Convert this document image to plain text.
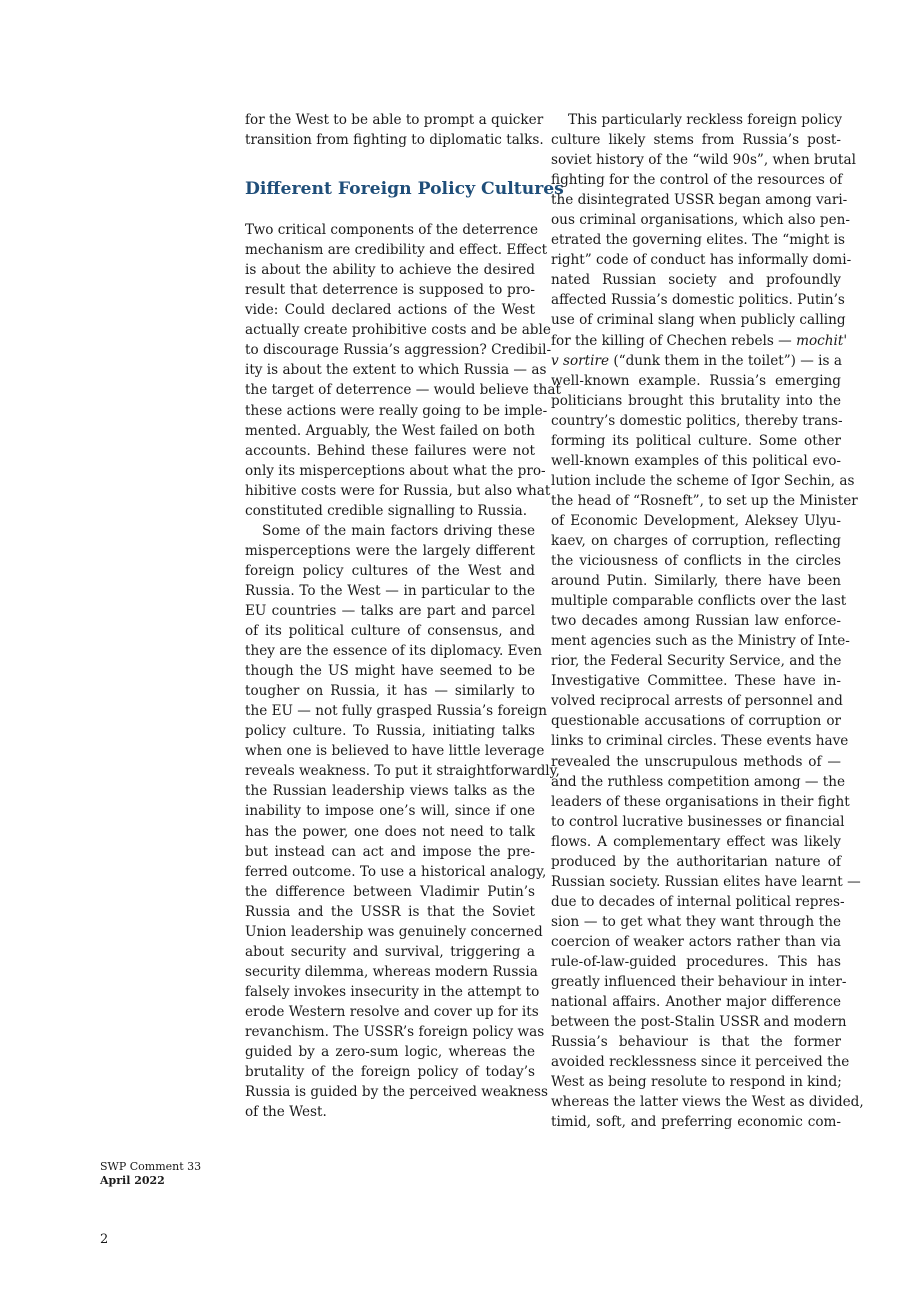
for the West to be able to prompt a quicker
transition from fighting to diplomatic talks.
Different Foreign Policy Cultures
Two critical components of the deterrence
mechanism are credibility and effect. Effect
is about the ability to achieve the desired
result that deterrence is supposed to pro-
vide: Could declared actions of the West
actually create prohibitive costs and be able
to discourage Russia’s aggression? Credibil-
ity is about the extent to which Russia — as
the target of deterrence — would believe that
these actions were really going to be imple-
mented. Arguably, the West failed on both
accounts. Behind these failures were not
only its misperceptions about what the pro-
hibitive costs were for Russia, but also what
constituted credible signalling to Russia.
Some of the main factors driving these
misperceptions were the largely different
foreign policy cultures of the West and
Russia. To the West — in particular to the
EU countries — talks are part and parcel
of its political culture of consensus, and
they are the essence of its diplomacy. Even
though the US might have seemed to be
tougher on Russia, it has — similarly to
the EU — not fully grasped Russia’s foreign
policy culture. To Russia, initiating talks
when one is believed to have little leverage
reveals weakness. To put it straightforwardly,
the Russian leadership views talks as the
inability to impose one’s will, since if one
has the power, one does not need to talk
but instead can act and impose the pre-
ferred outcome. To use a historical analogy,
the difference between Vladimir Putin’s
Russia and the USSR is that the Soviet
Union leadership was genuinely concerned
about security and survival, triggering a
security dilemma, whereas modern Russia
falsely invokes insecurity in the attempt to
erode Western resolve and cover up for its
revanchism. The USSR’s foreign policy was
guided by a zero-sum logic, whereas the
brutality of the foreign policy of today’s
Russia is guided by the perceived weakness
of the West.
This particularly reckless foreign policy
culture likely stems from Russia’s post-
soviet history of the “wild 90s”, when brutal
fighting for the control of the resources of
the disintegrated USSR began among vari-
ous criminal organisations, which also pen-
etrated the governing elites. The “might is
right” code of conduct has informally domi-
nated Russian society and profoundly
affected Russia’s domestic politics. Putin’s
use of criminal slang when publicly calling
for the killing of Chechen rebels — mochit'
v sortire (“dunk them in the toilet”) — is a
well-known example. Russia’s emerging
politicians brought this brutality into the
country’s domestic politics, thereby trans-
forming its political culture. Some other
well-known examples of this political evo-
lution include the scheme of Igor Sechin, as
the head of “Rosneft”, to set up the Minister
of Economic Development, Aleksey Ulyu-
kaev, on charges of corruption, reflecting
the viciousness of conflicts in the circles
around Putin. Similarly, there have been
multiple comparable conflicts over the last
two decades among Russian law enforce-
ment agencies such as the Ministry of Inte-
rior, the Federal Security Service, and the
Investigative Committee. These have in-
volved reciprocal arrests of personnel and
questionable accusations of corruption or
links to criminal circles. These events have
revealed the unscrupulous methods of —
and the ruthless competition among — the
leaders of these organisations in their fight
to control lucrative businesses or financial
flows. A complementary effect was likely
produced by the authoritarian nature of
Russian society. Russian elites have learnt —
due to decades of internal political repres-
sion — to get what they want through the
coercion of weaker actors rather than via
rule-of-law-guided procedures. This has
greatly influenced their behaviour in inter-
national affairs. Another major difference
between the post-Stalin USSR and modern
Russia’s behaviour is that the former
avoided recklessness since it perceived the
West as being resolute to respond in kind;
whereas the latter views the West as divided,
timid, soft, and preferring economic com-
SWP Comment 33
April 2022
2
